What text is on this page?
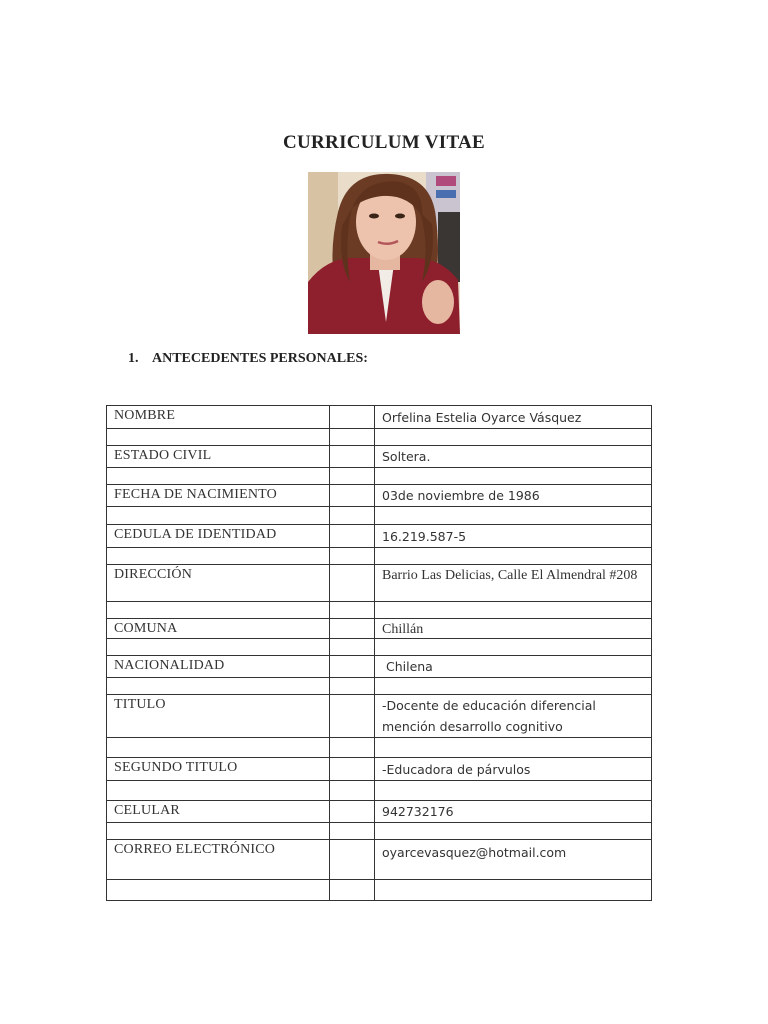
CURRICULUM VITAE
1. ANTECEDENTES PERSONALES:
NOMBRE		Orfelina Estelia Oyarce Vásquez

ESTADO CIVIL		Soltera.

FECHA DE NACIMIENTO		03de noviembre de 1986

CEDULA DE IDENTIDAD		16.219.587-5

DIRECCIÓN		Barrio Las Delicias, Calle El Almendral #208

COMUNA		Chillán

NACIONALIDAD		Chilena

TITULO		-Docente de educación diferencial mención desarrollo cognitivo

SEGUNDO TITULO		-Educadora de párvulos

CELULAR		942732176

CORREO ELECTRÓNICO		oyarcevasquez@hotmail.com
